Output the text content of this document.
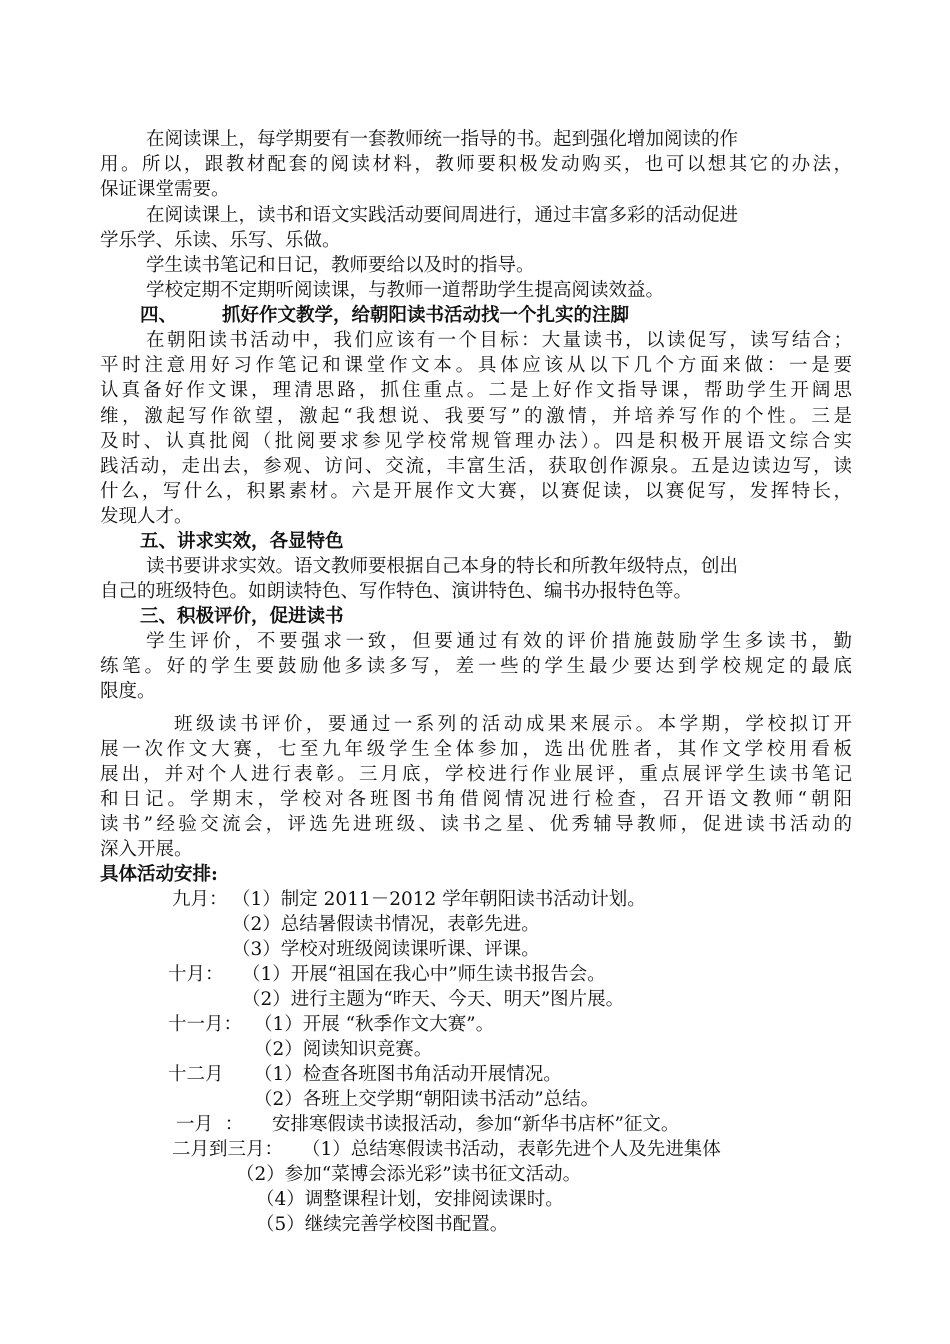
在阅读课上，每学期要有一套教师统一指导的书。起到强化增加阅读的作
用。所以，跟教材配套的阅读材料，教师要积极发动购买，也可以想其它的办法，
保证课堂需要。
在阅读课上，读书和语文实践活动要间周进行，通过丰富多彩的活动促进
学乐学、乐读、乐写、乐做。
学生读书笔记和日记，教师要给以及时的指导。
学校定期不定期听阅读课，与教师一道帮助学生提高阅读效益。
四、 抓好作文教学，给朝阳读书活动找一个扎实的注脚
在朝阳读书活动中，我们应该有一个目标：大量读书，以读促写，读写结合；
平时注意用好习作笔记和课堂作文本。具体应该从以下几个方面来做：一是要
认真备好作文课，理清思路，抓住重点。二是上好作文指导课，帮助学生开阔思
维，激起写作欲望，激起“我想说、我要写”的激情，并培养写作的个性。三是
及时、认真批阅（批阅要求参见学校常规管理办法）。四是积极开展语文综合实
践活动，走出去，参观、访问、交流，丰富生活，获取创作源泉。五是边读边写，读
什么，写什么，积累素材。六是开展作文大赛，以赛促读，以赛促写，发挥特长，
发现人才。
五、讲求实效，各显特色
读书要讲求实效。语文教师要根据自己本身的特长和所教年级特点，创出
自己的班级特色。如朗读特色、写作特色、演讲特色、编书办报特色等。
三、积极评价，促进读书
学生评价，不要强求一致，但要通过有效的评价措施鼓励学生多读书，勤
练笔。好的学生要鼓励他多读多写，差一些的学生最少要达到学校规定的最底
限度。
班级读书评价，要通过一系列的活动成果来展示。本学期，学校拟订开
展一次作文大赛，七至九年级学生全体参加，选出优胜者，其作文学校用看板
展出，并对个人进行表彰。三月底，学校进行作业展评，重点展评学生读书笔记
和日记。学期末，学校对各班图书角借阅情况进行检查，召开语文教师“朝阳
读书”经验交流会，评选先进班级、读书之星、优秀辅导教师，促进读书活动的
深入开展。
具体活动安排:
九月： （1）制定 2011－2012 学年朝阳读书活动计划。
（2）总结暑假读书情况，表彰先进。
（3）学校对班级阅读课听课、评课。
十月： （1）开展“祖国在我心中”师生读书报告会。
（2）进行主题为“昨天、今天、明天”图片展。
十一月： （1）开展 “秋季作文大赛”。
（2）阅读知识竞赛。
十二月 （1）检查各班图书角活动开展情况。
（2）各班上交学期“朝阳读书活动”总结。
一月  ： 安排寒假读书读报活动，参加“新华书店杯”征文。
二月到三月： （1）总结寒假读书活动，表彰先进个人及先进集体
（2）参加“菜博会添光彩”读书征文活动。
（4）调整课程计划，安排阅读课时。
（5）继续完善学校图书配置。
